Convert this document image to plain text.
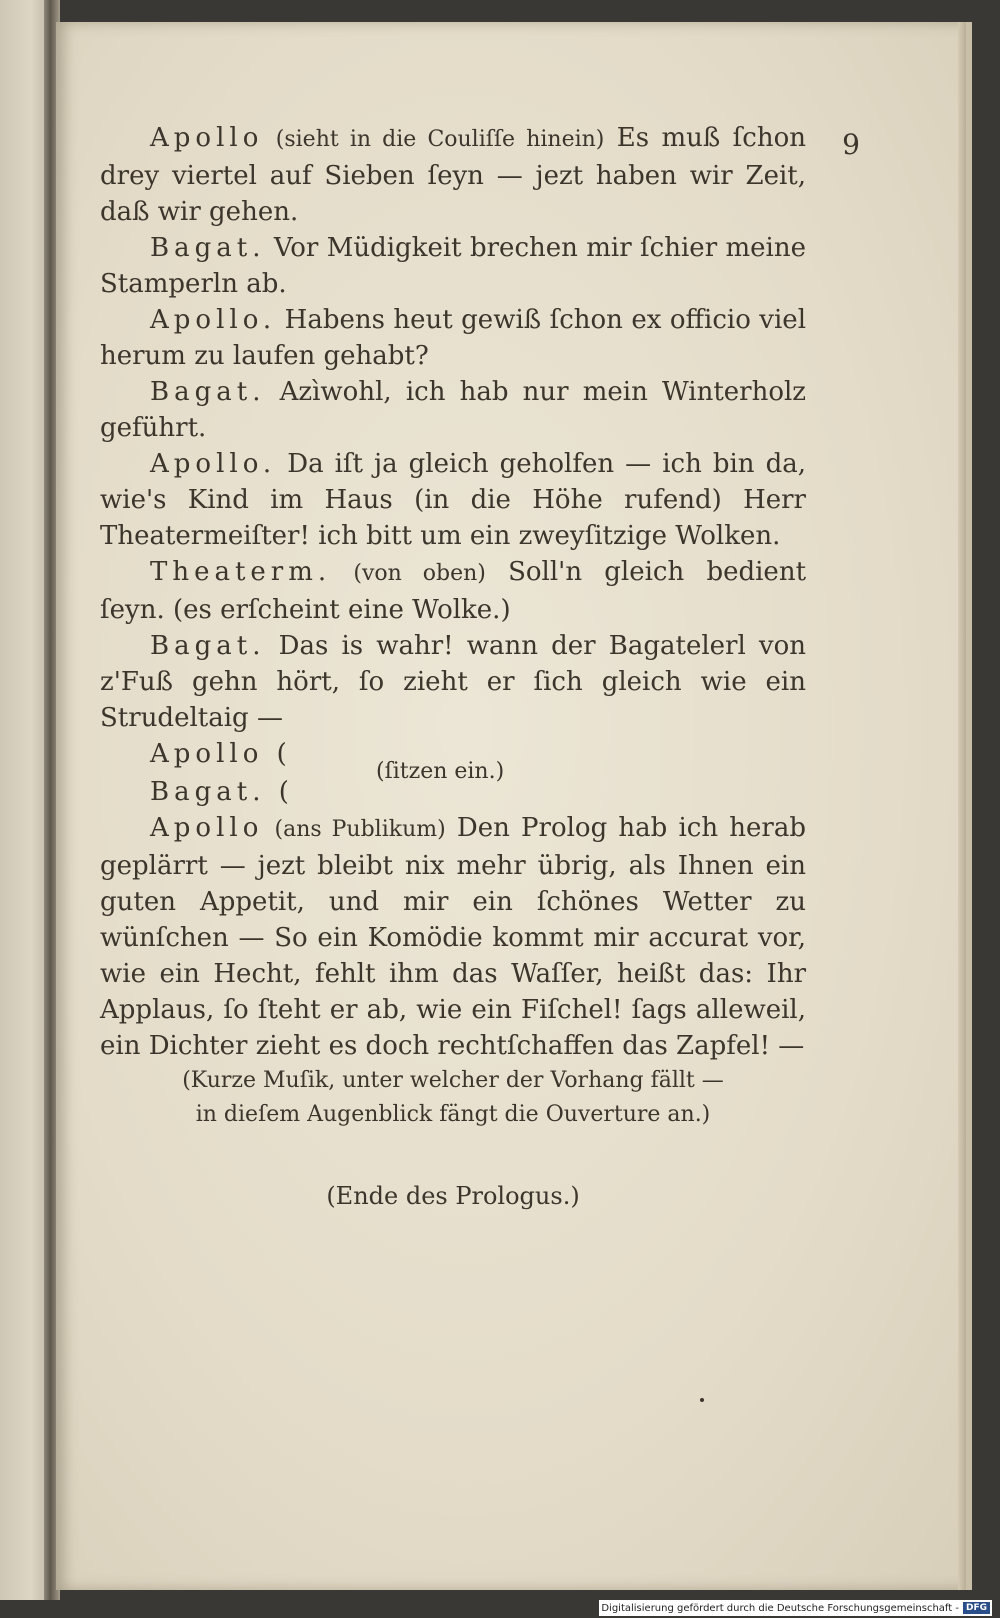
9

Apollo (sieht in die Couliſſe hinein) Es muß ſchon drey viertel auf Sieben ſeyn — jezt haben wir Zeit, daß wir gehen.

Bagat. Vor Müdigkeit brechen mir ſchier meine Stamperln ab.

Apollo. Habens heut gewiß ſchon ex officio viel herum zu laufen gehabt?

Bagat. Azìwohl, ich hab nur mein Winterholz geführt.

Apollo. Da iſt ja gleich geholfen — ich bin da, wie's Kind im Haus (in die Höhe rufend) Herr Theatermeiſter! ich bitt um ein zweyſitzige Wolken.

Theaterm. (von oben) Soll'n gleich bedient ſeyn. (es erſcheint eine Wolke.)

Bagat. Das is wahr! wann der Bagatelerl von z'Fuß gehn hört, ſo zieht er ſich gleich wie ein Strudeltaig —

Apollo (
Bagat. (
(ſitzen ein.)

Apollo (ans Publikum) Den Prolog hab ich herab geplärrt — jezt bleibt nix mehr übrig, als Ihnen ein guten Appetit, und mir ein ſchönes Wetter zu wünſchen — So ein Komödie kommt mir accurat vor, wie ein Hecht, fehlt ihm das Waſſer, heißt das: Ihr Applaus, ſo ſteht er ab, wie ein Fiſchel! ſags alleweil, ein Dichter zieht es doch rechtſchaffen das Zapfel! —

(Kurze Muſik, unter welcher der Vorhang fällt —

in dieſem Augenblick fängt die Ouverture an.)

(Ende des Prologus.)

Digitalisierung gefördert durch die Deutsche Forschungsgemeinschaft - DFG
